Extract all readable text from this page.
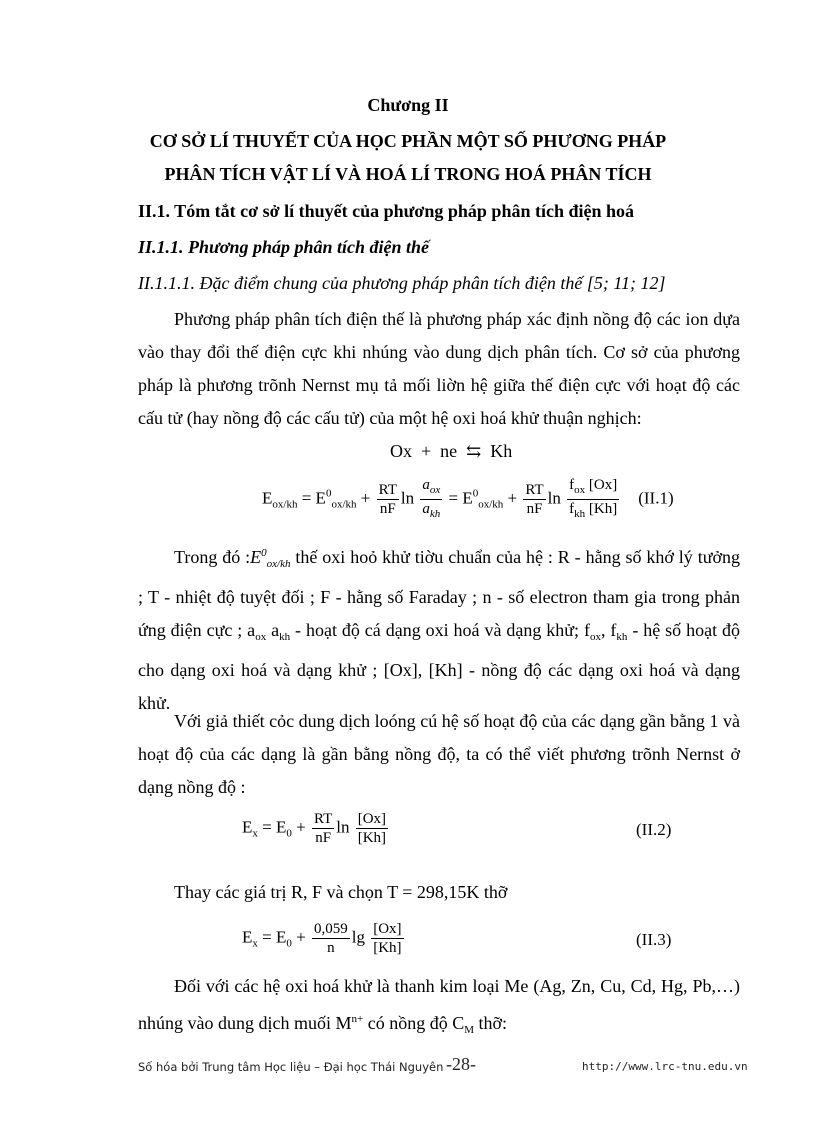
Chương II
CƠ SỞ LÍ THUYẾT CỦA HỌC PHẦN MỘT SỐ PHƯƠNG PHÁP
PHÂN TÍCH VẬT LÍ VÀ HOÁ LÍ TRONG HOÁ PHÂN TÍCH
II.1. Tóm tắt cơ sở lí thuyết của phương pháp phân tích điện hoá
II.1.1. Phương pháp phân tích điện thế
II.1.1.1. Đặc điểm chung của phương pháp phân tích điện thế [5; 11; 12]

Phương pháp phân tích điện thế là phương pháp xác định nồng độ các ion dựa vào thay đổi thế điện cực khi nhúng vào dung dịch phân tích. Cơ sở của phương pháp là phương trõnh Nernst mụ tả mối liờn hệ giữa thế điện cực với hoạt độ các cấu tử (hay nồng độ các cấu tử) của một hệ oxi hoá khử thuận nghịch:

Ox + ne ⇆ Kh
$E_{ox/kh} = E^0_{ox/kh} + \frac{RT}{nF}$ $\ln \frac{a_{ox}}{a_{kh}} = E^0_{ox/kh} + \frac{RT}{nF}$ $\ln \frac{f_{ox} [Ox]}{f_{kh} [Kh]} (II.1)$

Trong đó $:E^0_{ox/kh}$ thế oxi hoỏ khử tiờu chuẩn của hệ : R - hằng số khớ lý tưởng ; T - nhiệt độ tuyệt đối ; F - hằng số Faraday ; n - số electron tham gia trong phản ứng điện cực ; $a_{ox}$ $a_{kh}$ - hoạt độ cá dạng oxi hoá và dạng khử; $f_{ox}$, $f_{kh}$ - hệ số hoạt độ cho dạng oxi hoá và dạng khử ; [Ox], [Kh] - nồng độ các dạng oxi hoá và dạng khử.

Với giả thiết cỏc dung dịch loóng cú hệ số hoạt độ của các dạng gần bằng 1 và hoạt độ của các dạng là gần bằng nồng độ, ta có thể viết phương trõnh Nernst ở dạng nồng độ :

$E_x = E_0 + \frac{RT}{nF}$ $\ln \frac{[Ox]}{[Kh]}$	(II.2)

Thay các giá trị R, F và chọn T = 298,15K thỡ

$E_x = E_0 + \frac{0,059}{n}$ $\lg \frac{[Ox]}{[Kh]}$	(II.3)

Đối với các hệ oxi hoá khử là thanh kim loại Me (Ag, Zn, Cu, Cd, Hg, Pb,…) nhúng vào dung dịch muối $M^{n+}$ có nồng độ $C_M$ thỡ:

Số hóa bởi Trung tâm Học liệu – Đại học Thái Nguyên -28-	http://www.lrc-tnu.edu.vn
